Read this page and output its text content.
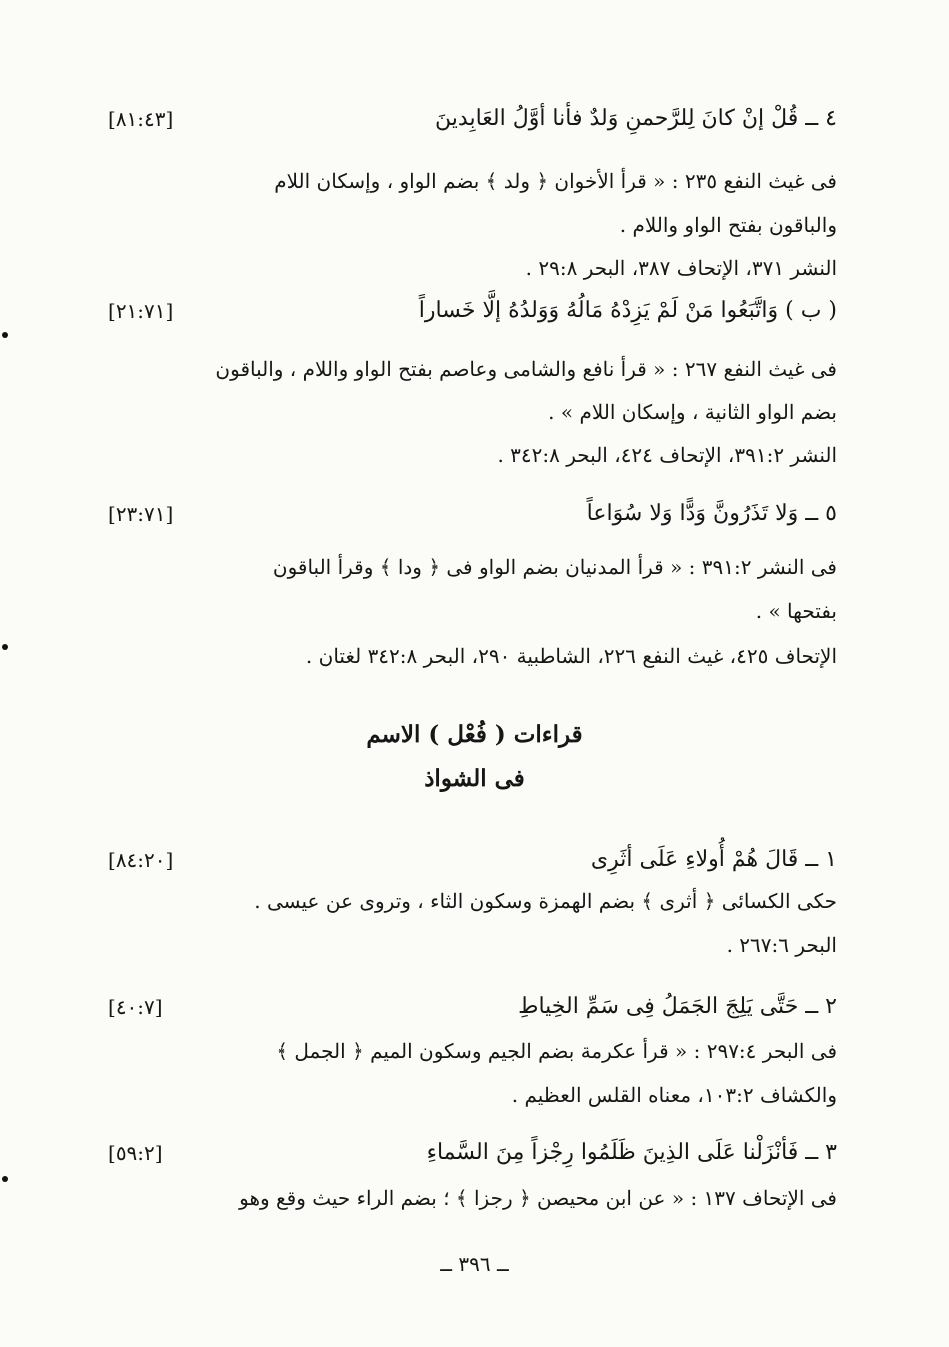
٤ ــ قُلْ إنْ كانَ لِلرَّحمنِ وَلدٌ فأنا أوَّلُ العَابِدينَ
[٨١:٤٣]
فى غيث النفع ٢٣٥ : « قرأ الأخوان ﴿ ولد ﴾ بضم الواو ، وإسكان اللام
والباقون بفتح الواو واللام .
النشر ٣٧١، الإتحاف ٣٨٧، البحر ٢٩:٨ .
( ب ) وَاتَّبَعُوا مَنْ لَمْ يَزِدْهُ مَالُهُ وَوَلدُهُ إلَّا خَساراً
[٢١:٧١]
فى غيث النفع ٢٦٧ : « قرأ نافع والشامى وعاصم بفتح الواو واللام ، والباقون
بضم الواو الثانية ، وإسكان اللام » .
النشر ٣٩١:٢، الإتحاف ٤٢٤، البحر ٣٤٢:٨ .
٥ ــ وَلا تَذَرُونَّ وَدًّا وَلا سُوَاعاً
[٢٣:٧١]
فى النشر ٣٩١:٢ : « قرأ المدنيان بضم الواو فى ﴿ ودا ﴾ وقرأ الباقون
بفتحها » .
الإتحاف ٤٢٥، غيث النفع ٢٢٦، الشاطبية ٢٩٠، البحر ٣٤٢:٨ لغتان .
قراءات ( فُعْل ) الاسم
فى الشواذ
١ ــ قَالَ هُمْ أُولاءِ عَلَى أثَرِى
[٨٤:٢٠]
حكى الكسائى ﴿ أثرى ﴾ بضم الهمزة وسكون الثاء ، وتروى عن عيسى .
البحر ٢٦٧:٦ .
٢ ــ حَتَّى يَلِجَ الجَمَلُ فِى سَمِّ الخِياطِ
[٤٠:٧]
فى البحر ٢٩٧:٤ : « قرأ عكرمة بضم الجيم وسكون الميم ﴿ الجمل ﴾
والكشاف ١٠٣:٢، معناه القلس العظيم .
٣ ــ فَأنْزَلْنا عَلَى الذِينَ ظَلَمُوا رِجْزاً مِنَ السَّماءِ
[٥٩:٢]
فى الإتحاف ١٣٧ : « عن ابن محيصن ﴿ رجزا ﴾ ؛ بضم الراء حيث وقع وهو
ــ ٣٩٦ ــ
